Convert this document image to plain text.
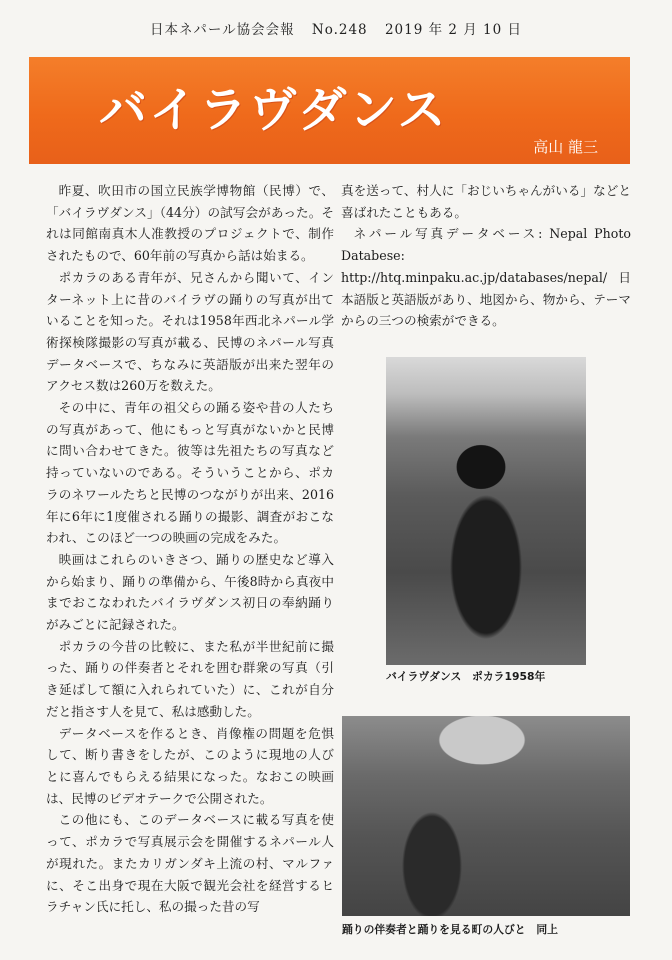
日本ネパール協会会報 No.248 2019 年 2 月 10 日
バイラヴダンス
高山 龍三

昨夏、吹田市の国立民族学博物館（民博）で、「バイラヴダンス」（44分）の試写会があった。それは同館南真木人准教授のプロジェクトで、制作されたもので、60年前の写真から話は始まる。

ポカラのある青年が、兄さんから聞いて、インターネット上に昔のバイラヴの踊りの写真が出ていることを知った。それは1958年西北ネパール学術探検隊撮影の写真が載る、民博のネパール写真データベースで、ちなみに英語版が出来た翌年のアクセス数は260万を数えた。

その中に、青年の祖父らの踊る姿や昔の人たちの写真があって、他にもっと写真がないかと民博に問い合わせてきた。彼等は先祖たちの写真など持っていないのである。そういうことから、ポカラのネワールたちと民博のつながりが出来、2016年に6年に1度催される踊りの撮影、調査がおこなわれ、このほど一つの映画の完成をみた。

映画はこれらのいきさつ、踊りの歴史など導入から始まり、踊りの準備から、午後8時から真夜中までおこなわれたバイラヴダンス初日の奉納踊りがみごとに記録された。

ポカラの今昔の比較に、また私が半世紀前に撮った、踊りの伴奏者とそれを囲む群衆の写真（引き延ばして額に入れられていた）に、これが自分だと指さす人を見て、私は感動した。

データベースを作るとき、肖像権の問題を危惧して、断り書きをしたが、このように現地の人びとに喜んでもらえる結果になった。なおこの映画は、民博のビデオテークで公開された。

この他にも、このデータベースに載る写真を使って、ポカラで写真展示会を開催するネパール人が現れた。またカリガンダキ上流の村、マルファに、そこ出身で現在大阪で観光会社を経営するヒラチャン氏に托し、私の撮った昔の写

真を送って、村人に「おじいちゃんがいる」などと喜ばれたこともある。

ネパール写真データベース: Nepal Photo Databese: http://htq.minpaku.ac.jp/databases/nepal/ 日本語版と英語版があり、地図から、物から、テーマからの三つの検索ができる。

バイラヴダンス　ポカラ1958年
踊りの伴奏者と踊りを見る町の人びと　同上
